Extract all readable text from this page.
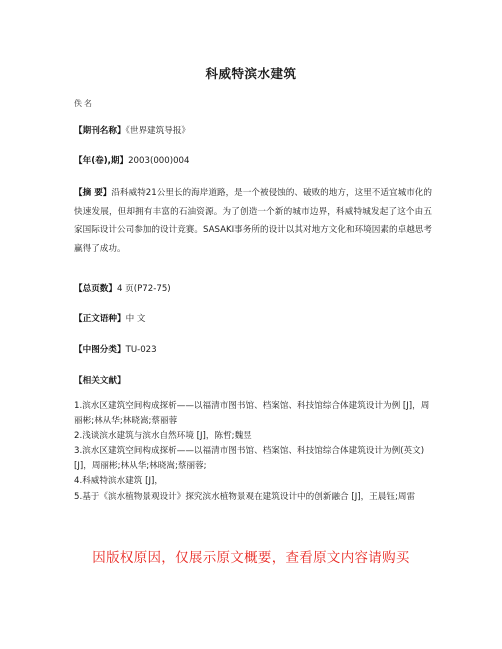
科威特滨水建筑
佚名
【期刊名称】《世界建筑导报》
【年(卷),期】2003(000)004
【摘 要】沿科威特21公里长的海岸道路，是一个被侵蚀的、破败的地方，这里不适宜城市化的快速发展，但却拥有丰富的石油资源。为了创造一个新的城市边界，科威特城发起了这个由五家国际设计公司参加的设计竞赛。SASAKI事务所的设计以其对地方文化和环境因素的卓越思考赢得了成功。
【总页数】4 页(P72-75)
【正文语种】中 文
【中图分类】TU-023
【相关文献】

1.滨水区建筑空间构成探析——以福清市图书馆、档案馆、科技馆综合体建筑设计为例 [J]，周丽彬;林从华;林晓嵩;蔡丽蓉

2.浅谈滨水建筑与滨水自然环境 [J]，陈哲;魏昱

3.滨水区建筑空间构成探析——以福清市图书馆、档案馆、科技馆综合体建筑设计为例(英文) [J]，周丽彬;林从华;林晓嵩;蔡丽蓉;

4.科威特滨水建筑 [J]，

5.基于《滨水植物景观设计》探究滨水植物景观在建筑设计中的创新融合 [J]，王晨钰;周雷

因版权原因，仅展示原文概要，查看原文内容请购买
